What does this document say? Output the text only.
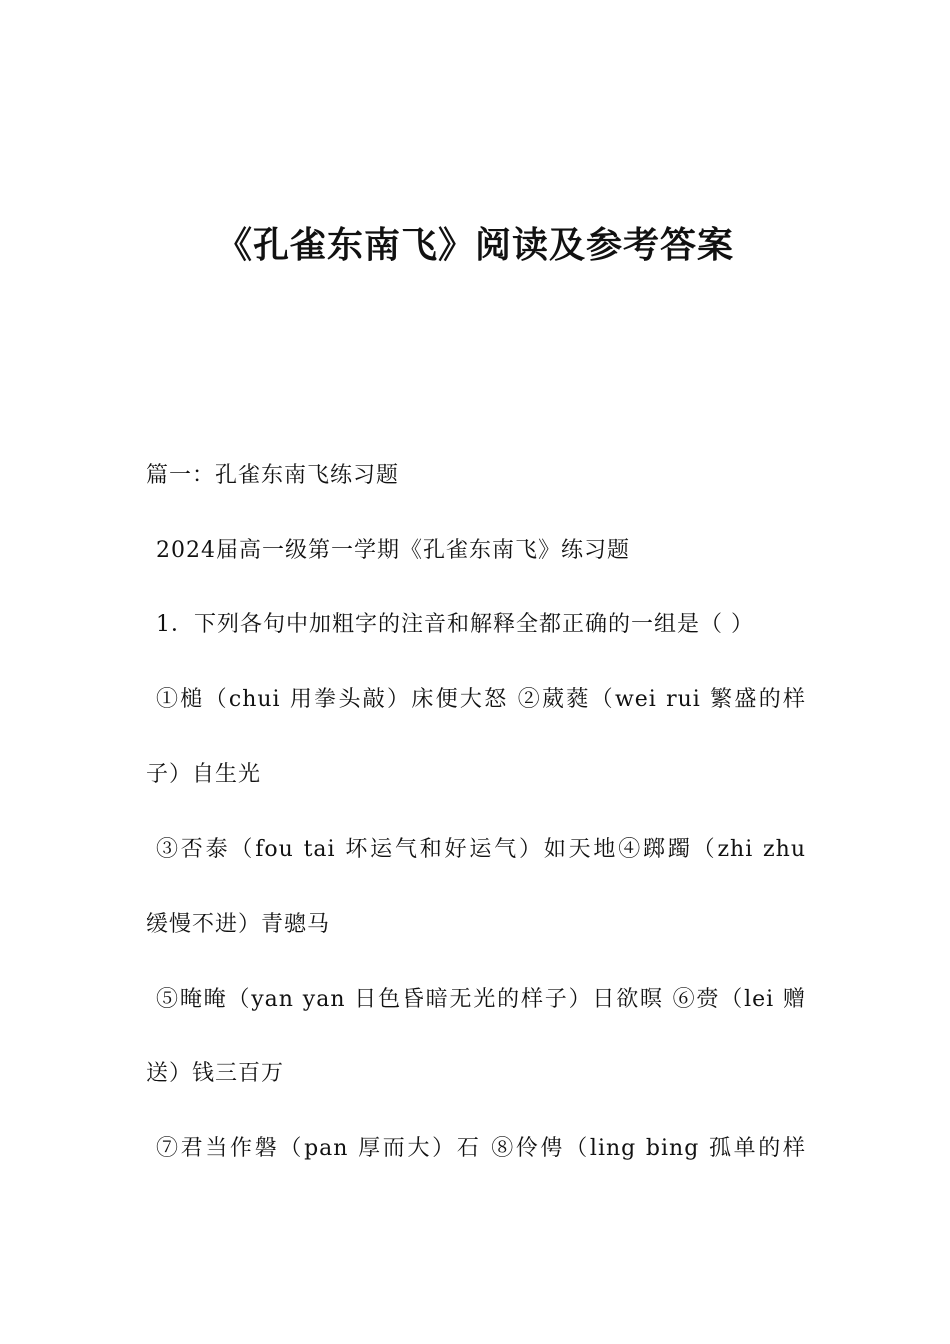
《孔雀东南飞》阅读及参考答案

篇一：孔雀东南飞练习题

2024届高一级第一学期《孔雀东南飞》练习题

1．下列各句中加粗字的注音和解释全都正确的一组是（ ）

①槌（chui 用拳头敲）床便大怒 ②葳蕤（wei rui 繁盛的样

子）自生光

③否泰（fou tai 坏运气和好运气）如天地④踯躅（zhi zhu

缓慢不进）青骢马

⑤晻晻（yan yan 日色昏暗无光的样子）日欲暝 ⑥赍（lei 赠

送）钱三百万

⑦君当作磐（pan 厚而大）石 ⑧伶俜（ling bing 孤单的样
